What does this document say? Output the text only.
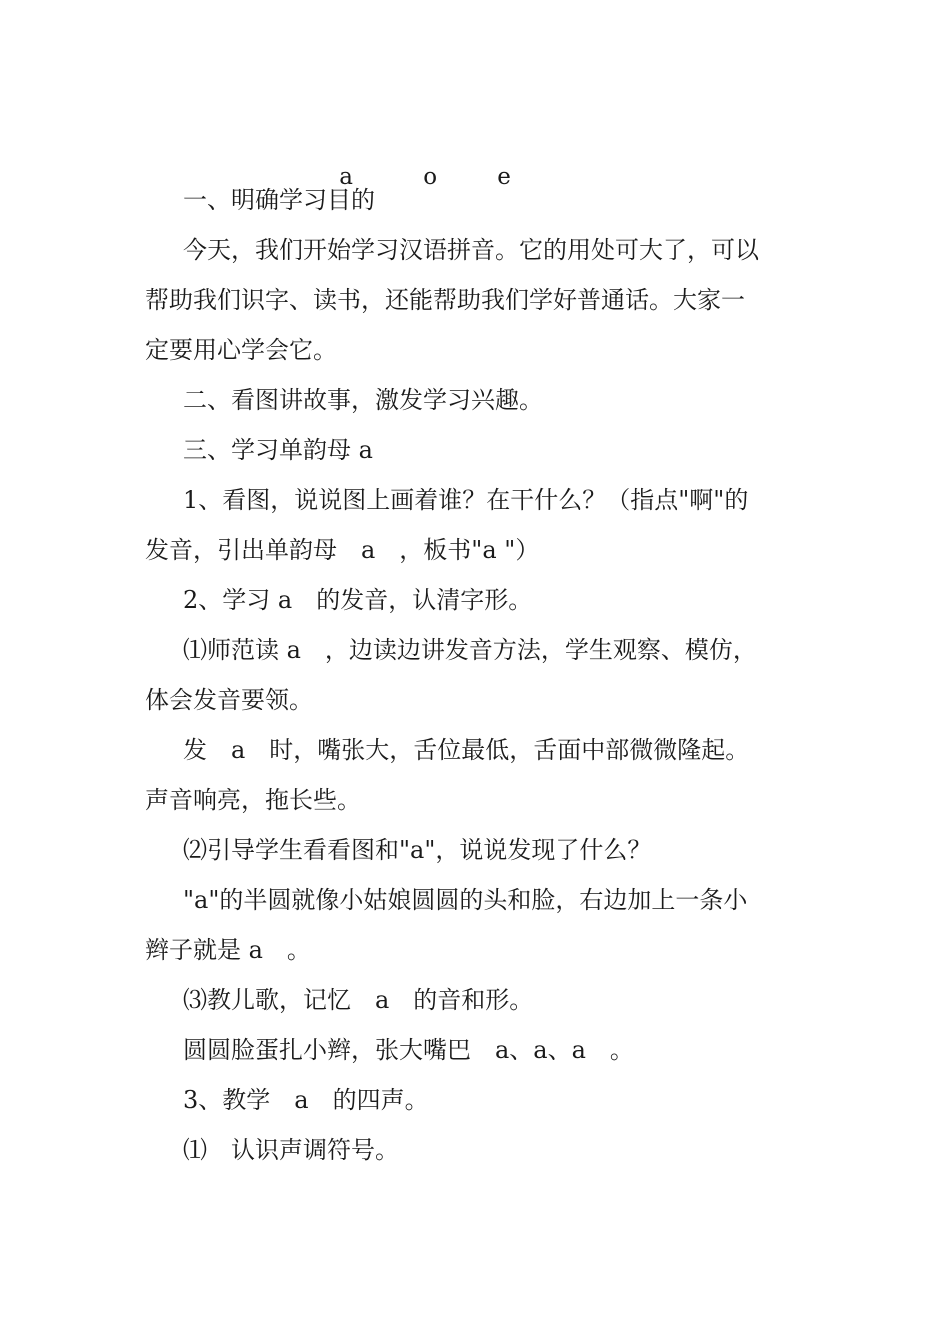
a	o	e

一、明确学习目的
今天，我们开始学习汉语拼音。它的用处可大了，可以
帮助我们识字、读书，还能帮助我们学好普通话。大家一
定要用心学会它。
二、看图讲故事，激发学习兴趣。
三、学习单韵母 a
1、看图，说说图上画着谁？在干什么？（指点"啊"的
发音，引出单韵母　a　，板书"a "）
2、学习 a　的发音，认清字形。
⑴师范读 a　，边读边讲发音方法，学生观察、模仿，
体会发音要领。
发　a　时，嘴张大，舌位最低，舌面中部微微隆起。
声音响亮，拖长些。
⑵引导学生看看图和"a"，说说发现了什么？
"a"的半圆就像小姑娘圆圆的头和脸，右边加上一条小
辫子就是 a　。
⑶教儿歌，记忆　a　的音和形。
圆圆脸蛋扎小辫，张大嘴巴　a、a、a　。
3、教学　a　的四声。
⑴　认识声调符号。
